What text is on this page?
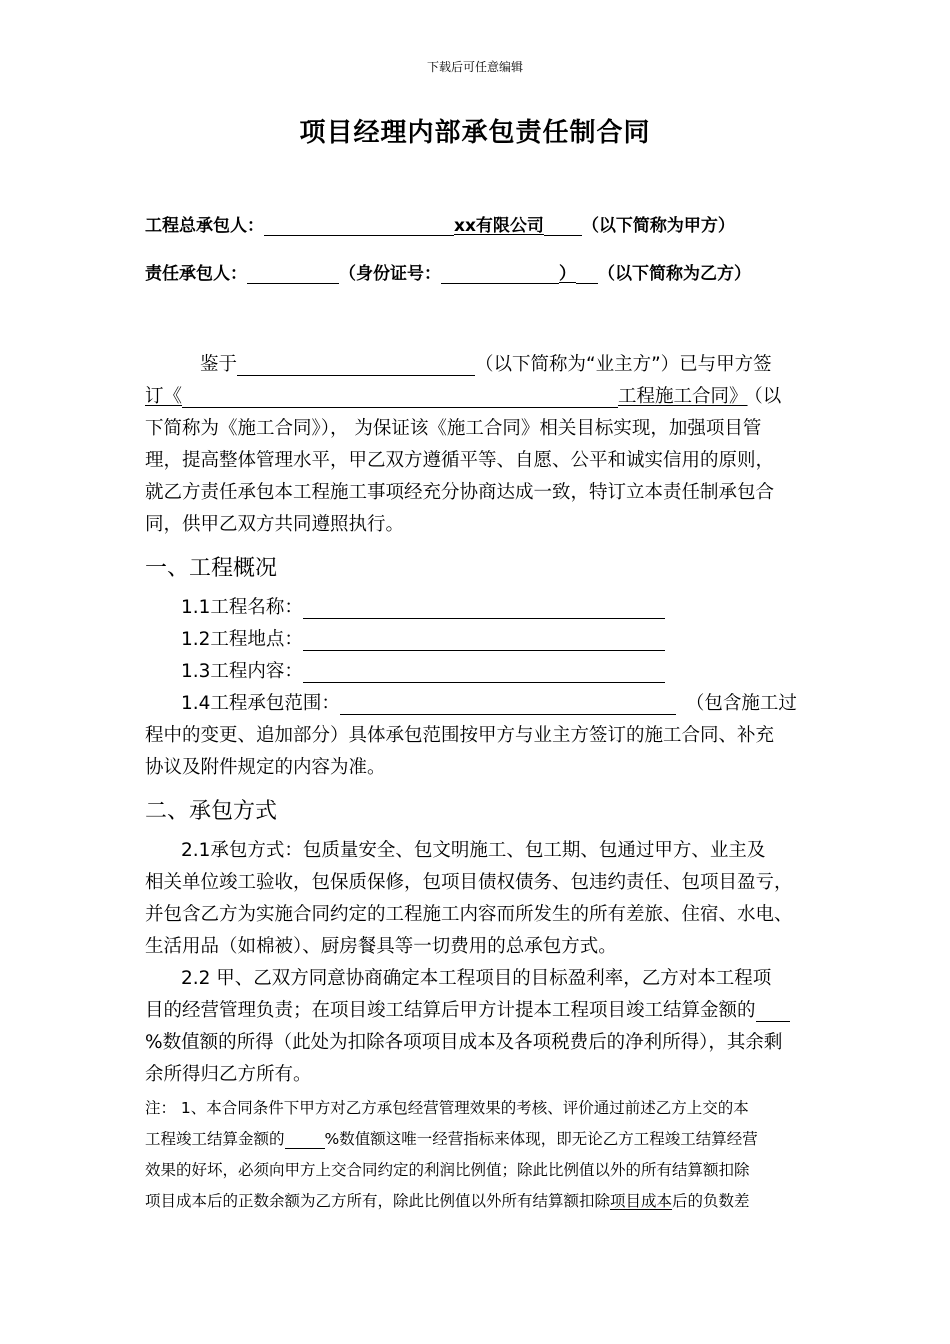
下载后可任意编辑
项目经理内部承包责任制合同
工程总承包人：	xx有限公司 （以下简称为甲方）
责任承包人：	（身份证号：	） （以下简称为乙方）
鉴于	（以下简称为“业主方”）已与甲方签
订《	工程施工合同》 （以
下简称为《施工合同》）， 为保证该《施工合同》相关目标实现，加强项目管
理，提高整体管理水平，甲乙双方遵循平等、自愿、公平和诚实信用的原则，
就乙方责任承包本工程施工事项经充分协商达成一致，特订立本责任制承包合
同，供甲乙双方共同遵照执行。
一、工程概况
1.1工程名称：
1.2工程地点：
1.3工程内容：
1.4工程承包范围：	（包含施工过
程中的变更、追加部分）具体承包范围按甲方与业主方签订的施工合同、补充
协议及附件规定的内容为准。
二、承包方式
2.1承包方式：包质量安全、包文明施工、包工期、包通过甲方、业主及
相关单位竣工验收，包保质保修，包项目债权债务、包违约责任、包项目盈亏，
并包含乙方为实施合同约定的工程施工内容而所发生的所有差旅、住宿、水电、
生活用品（如棉被）、厨房餐具等一切费用的总承包方式。
2.2 甲、乙双方同意协商确定本工程项目的目标盈利率，乙方对本工程项
目的经营管理负责；在项目竣工结算后甲方计提本工程项目竣工结算金额的
%数值额的所得（此处为扣除各项项目成本及各项税费后的净利所得），其余剩
余所得归乙方所有。
注： 1、本合同条件下甲方对乙方承包经营管理效果的考核、评价通过前述乙方上交的本
工程竣工结算金额的	%数值额这唯一经营指标来体现，即无论乙方工程竣工结算经营
效果的好坏，必须向甲方上交合同约定的利润比例值；除此比例值以外的所有结算额扣除
项目成本后的正数余额为乙方所有，除此比例值以外所有结算额扣除项目成本后的负数差
